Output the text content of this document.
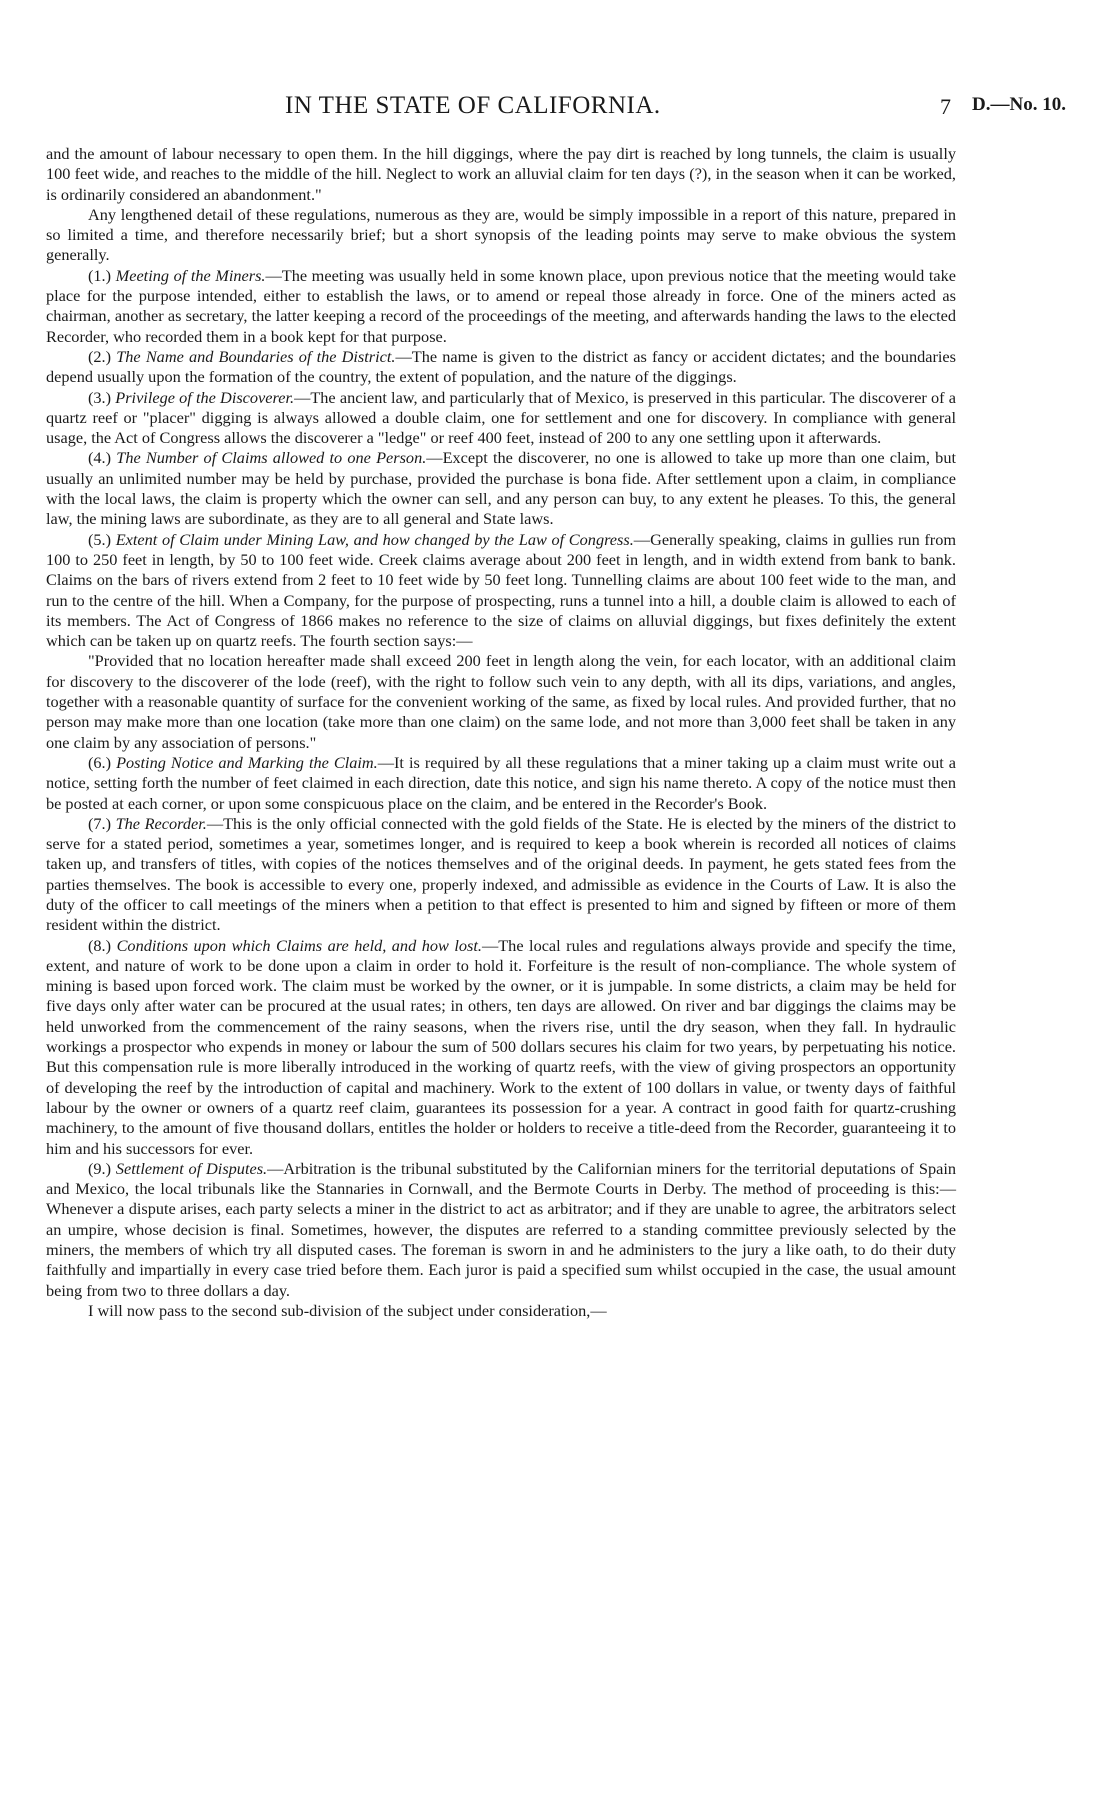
IN THE STATE OF CALIFORNIA.	7 D.—No. 10.

and the amount of labour necessary to open them. In the hill diggings, where the pay dirt is reached by long tunnels, the claim is usually 100 feet wide, and reaches to the middle of the hill. Neglect to work an alluvial claim for ten days (?), in the season when it can be worked, is ordinarily considered an abandonment."

Any lengthened detail of these regulations, numerous as they are, would be simply impossible in a report of this nature, prepared in so limited a time, and therefore necessarily brief; but a short synopsis of the leading points may serve to make obvious the system generally.

(1.) Meeting of the Miners.—The meeting was usually held in some known place, upon previous notice that the meeting would take place for the purpose intended, either to establish the laws, or to amend or repeal those already in force. One of the miners acted as chairman, another as secretary, the latter keeping a record of the proceedings of the meeting, and afterwards handing the laws to the elected Recorder, who recorded them in a book kept for that purpose.

(2.) The Name and Boundaries of the District.—The name is given to the district as fancy or accident dictates; and the boundaries depend usually upon the formation of the country, the extent of population, and the nature of the diggings.

(3.) Privilege of the Discoverer.—The ancient law, and particularly that of Mexico, is preserved in this particular. The discoverer of a quartz reef or "placer" digging is always allowed a double claim, one for settlement and one for discovery. In compliance with general usage, the Act of Congress allows the discoverer a "ledge" or reef 400 feet, instead of 200 to any one settling upon it afterwards.

(4.) The Number of Claims allowed to one Person.—Except the discoverer, no one is allowed to take up more than one claim, but usually an unlimited number may be held by purchase, provided the purchase is bona fide. After settlement upon a claim, in compliance with the local laws, the claim is property which the owner can sell, and any person can buy, to any extent he pleases. To this, the general law, the mining laws are subordinate, as they are to all general and State laws.

(5.) Extent of Claim under Mining Law, and how changed by the Law of Congress.—Generally speaking, claims in gullies run from 100 to 250 feet in length, by 50 to 100 feet wide. Creek claims average about 200 feet in length, and in width extend from bank to bank. Claims on the bars of rivers extend from 2 feet to 10 feet wide by 50 feet long. Tunnelling claims are about 100 feet wide to the man, and run to the centre of the hill. When a Company, for the purpose of prospecting, runs a tunnel into a hill, a double claim is allowed to each of its members. The Act of Congress of 1866 makes no reference to the size of claims on alluvial diggings, but fixes definitely the extent which can be taken up on quartz reefs. The fourth section says:—

"Provided that no location hereafter made shall exceed 200 feet in length along the vein, for each locator, with an additional claim for discovery to the discoverer of the lode (reef), with the right to follow such vein to any depth, with all its dips, variations, and angles, together with a reasonable quantity of surface for the convenient working of the same, as fixed by local rules. And provided further, that no person may make more than one location (take more than one claim) on the same lode, and not more than 3,000 feet shall be taken in any one claim by any association of persons."

(6.) Posting Notice and Marking the Claim.—It is required by all these regulations that a miner taking up a claim must write out a notice, setting forth the number of feet claimed in each direction, date this notice, and sign his name thereto. A copy of the notice must then be posted at each corner, or upon some conspicuous place on the claim, and be entered in the Recorder's Book.

(7.) The Recorder.—This is the only official connected with the gold fields of the State. He is elected by the miners of the district to serve for a stated period, sometimes a year, sometimes longer, and is required to keep a book wherein is recorded all notices of claims taken up, and transfers of titles, with copies of the notices themselves and of the original deeds. In payment, he gets stated fees from the parties themselves. The book is accessible to every one, properly indexed, and admissible as evidence in the Courts of Law. It is also the duty of the officer to call meetings of the miners when a petition to that effect is presented to him and signed by fifteen or more of them resident within the district.

(8.) Conditions upon which Claims are held, and how lost.—The local rules and regulations always provide and specify the time, extent, and nature of work to be done upon a claim in order to hold it. Forfeiture is the result of non-compliance. The whole system of mining is based upon forced work. The claim must be worked by the owner, or it is jumpable. In some districts, a claim may be held for five days only after water can be procured at the usual rates; in others, ten days are allowed. On river and bar diggings the claims may be held unworked from the commencement of the rainy seasons, when the rivers rise, until the dry season, when they fall. In hydraulic workings a prospector who expends in money or labour the sum of 500 dollars secures his claim for two years, by perpetuating his notice. But this compensation rule is more liberally introduced in the working of quartz reefs, with the view of giving prospectors an opportunity of developing the reef by the introduction of capital and machinery. Work to the extent of 100 dollars in value, or twenty days of faithful labour by the owner or owners of a quartz reef claim, guarantees its possession for a year. A contract in good faith for quartz-crushing machinery, to the amount of five thousand dollars, entitles the holder or holders to receive a title-deed from the Recorder, guaranteeing it to him and his successors for ever.

(9.) Settlement of Disputes.—Arbitration is the tribunal substituted by the Californian miners for the territorial deputations of Spain and Mexico, the local tribunals like the Stannaries in Cornwall, and the Bermote Courts in Derby. The method of proceeding is this:—Whenever a dispute arises, each party selects a miner in the district to act as arbitrator; and if they are unable to agree, the arbitrators select an umpire, whose decision is final. Sometimes, however, the disputes are referred to a standing committee previously selected by the miners, the members of which try all disputed cases. The foreman is sworn in and he administers to the jury a like oath, to do their duty faithfully and impartially in every case tried before them. Each juror is paid a specified sum whilst occupied in the case, the usual amount being from two to three dollars a day.

I will now pass to the second sub-division of the subject under consideration,—
